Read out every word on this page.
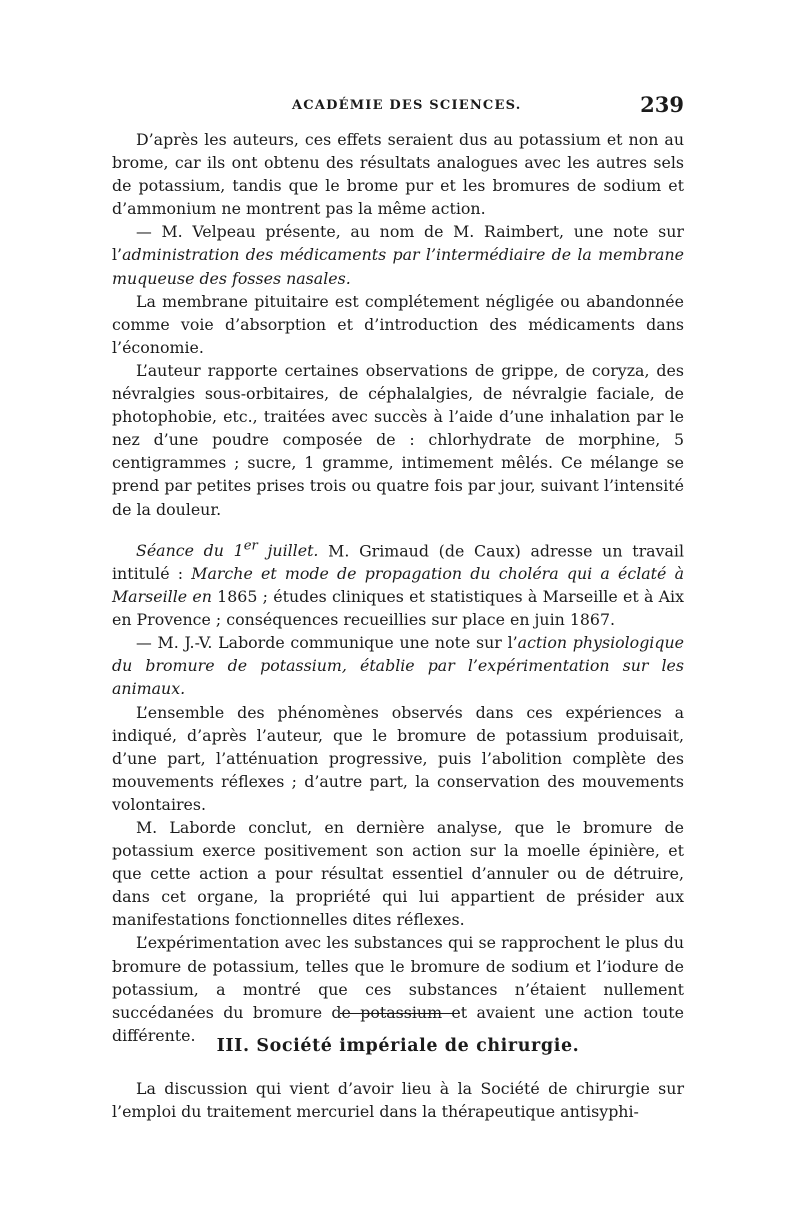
ACADÉMIE DES SCIENCES.	239

D’après les auteurs, ces effets seraient dus au potassium et non au brome, car ils ont obtenu des résultats analogues avec les autres sels de potassium, tandis que le brome pur et les bromures de sodium et d’ammonium ne montrent pas la même action.

— M. Velpeau présente, au nom de M. Raimbert, une note sur l’administration des médicaments par l’intermédiaire de la membrane muqueuse des fosses nasales.

La membrane pituitaire est complétement négligée ou abandonnée comme voie d’absorption et d’introduction des médicaments dans l’économie.

L’auteur rapporte certaines observations de grippe, de coryza, des névralgies sous-orbitaires, de céphalalgies, de névralgie faciale, de photophobie, etc., traitées avec succès à l’aide d’une inhalation par le nez d’une poudre composée de : chlorhydrate de morphine, 5 centigrammes ; sucre, 1 gramme, intimement mêlés. Ce mélange se prend par petites prises trois ou quatre fois par jour, suivant l’intensité de la douleur.

Séance du 1er juillet. M. Grimaud (de Caux) adresse un travail intitulé : Marche et mode de propagation du choléra qui a éclaté à Marseille en 1865 ; études cliniques et statistiques à Marseille et à Aix en Provence ; conséquences recueillies sur place en juin 1867.

— M. J.-V. Laborde communique une note sur l’action physiologique du bromure de potassium, établie par l’expérimentation sur les animaux.

L’ensemble des phénomènes observés dans ces expériences a indiqué, d’après l’auteur, que le bromure de potassium produisait, d’une part, l’atténuation progressive, puis l’abolition complète des mouvements réflexes ; d’autre part, la conservation des mouvements volontaires.

M. Laborde conclut, en dernière analyse, que le bromure de potassium exerce positivement son action sur la moelle épinière, et que cette action a pour résultat essentiel d’annuler ou de détruire, dans cet organe, la propriété qui lui appartient de présider aux manifestations fonctionnelles dites réflexes.

L’expérimentation avec les substances qui se rapprochent le plus du bromure de potassium, telles que le bromure de sodium et l’iodure de potassium, a montré que ces substances n’étaient nullement succédanées du bromure de potassium et avaient une action toute différente.

III. Société impériale de chirurgie.

La discussion qui vient d’avoir lieu à la Société de chirurgie sur l’emploi du traitement mercuriel dans la thérapeutique antisyphi-
